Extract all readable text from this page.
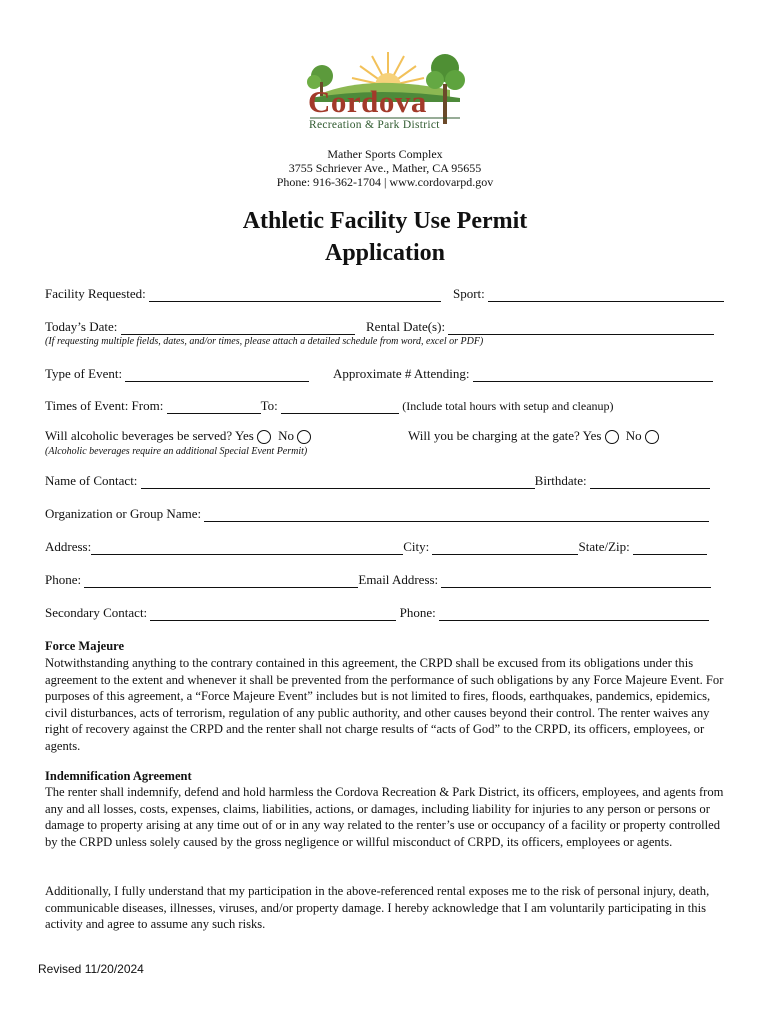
Cordova
Recreation & Park District
Mather Sports Complex
3755 Schriever Ave., Mather, CA 95655
Phone: 916-362-1704 | www.cordovarpd.gov
Athletic Facility Use Permit
Application
Facility Requested:	Sport:
Today’s Date:	Rental Date(s):
(If requesting multiple fields, dates, and/or times, please attach a detailed schedule from word, excel or PDF)
Type of Event:	Approximate # Attending:
Times of Event: From:	To:	(Include total hours with setup and cleanup)
Will alcoholic beverages be served? Yes No	Will you be charging at the gate? Yes No
(Alcoholic beverages require an additional Special Event Permit)
Name of Contact:	Birthdate:
Organization or Group Name:
Address:	City:	State/Zip:
Phone:	Email Address:
Secondary Contact:	Phone:
Force Majeure
Notwithstanding anything to the contrary contained in this agreement, the CRPD shall be excused from its obligations under this agreement to the extent and whenever it shall be prevented from the performance of such obligations by any Force Majeure Event. For purposes of this agreement, a “Force Majeure Event” includes but is not limited to fires, floods, earthquakes, pandemics, epidemics, civil disturbances, acts of terrorism, regulation of any public authority, and other causes beyond their control. The renter waives any right of recovery against the CRPD and the renter shall not charge results of “acts of God” to the CRPD, its officers, employees, or agents.
Indemnification Agreement
The renter shall indemnify, defend and hold harmless the Cordova Recreation & Park District, its officers, employees, and agents from any and all losses, costs, expenses, claims, liabilities, actions, or damages, including liability for injuries to any person or persons or damage to property arising at any time out of or in any way related to the renter’s use or occupancy of a facility or property controlled by the CRPD unless solely caused by the gross negligence or willful misconduct of CRPD, its officers, employees or agents.
Additionally, I fully understand that my participation in the above-referenced rental exposes me to the risk of personal injury, death, communicable diseases, illnesses, viruses, and/or property damage. I hereby acknowledge that I am voluntarily participating in this activity and agree to assume any such risks.
Revised 11/20/2024
